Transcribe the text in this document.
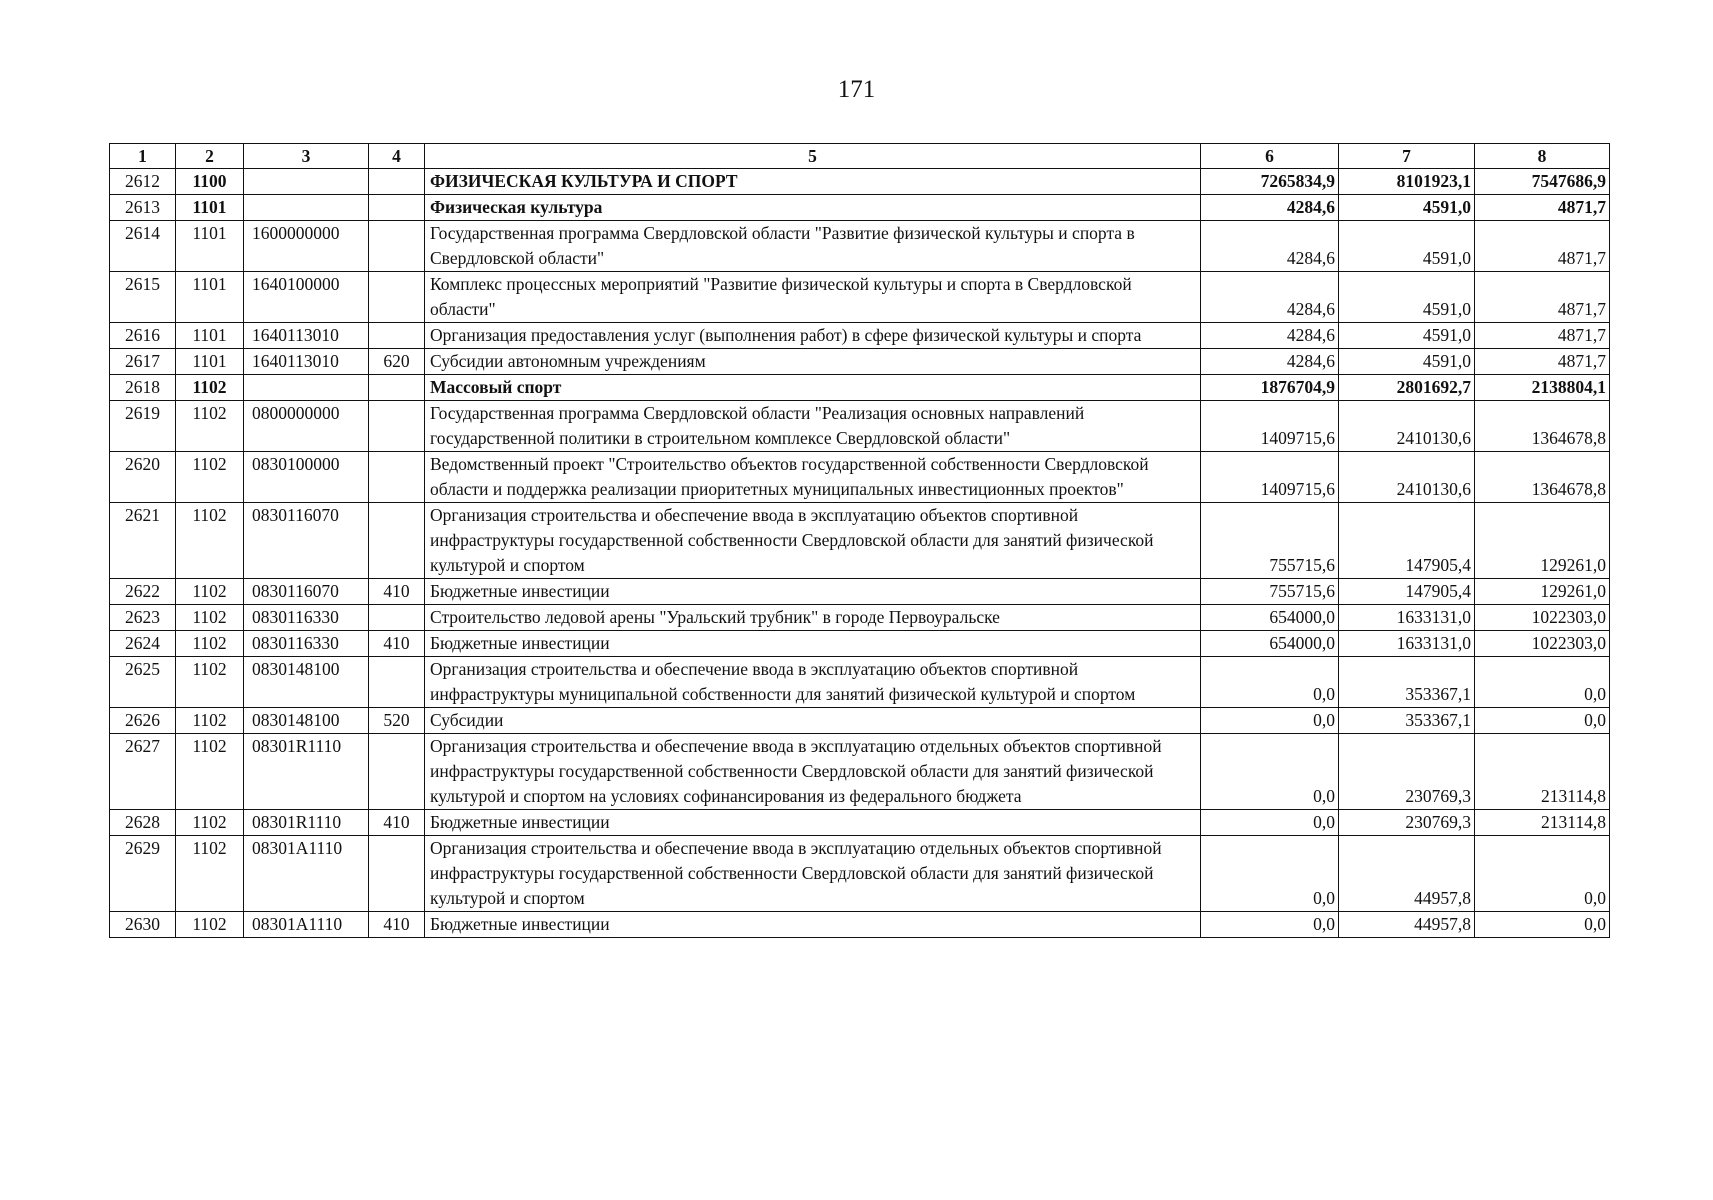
171
1	2	3	4	5	6	7	8
2612	1100			ФИЗИЧЕСКАЯ КУЛЬТУРА И СПОРТ	7265834,9	8101923,1	7547686,9
2613	1101			Физическая культура	4284,6	4591,0	4871,7
2614	1101	1600000000		Государственная программа Свердловской области "Развитие физической культуры и спорта в Свердловской области"	4284,6	4591,0	4871,7
2615	1101	1640100000		Комплекс процессных мероприятий "Развитие физической культуры и спорта в Свердловской области"	4284,6	4591,0	4871,7
2616	1101	1640113010		Организация предоставления услуг (выполнения работ) в сфере физической культуры и спорта	4284,6	4591,0	4871,7
2617	1101	1640113010	620	Субсидии автономным учреждениям	4284,6	4591,0	4871,7
2618	1102			Массовый спорт	1876704,9	2801692,7	2138804,1
2619	1102	0800000000		Государственная программа Свердловской области "Реализация основных направлений государственной политики в строительном комплексе Свердловской области"	1409715,6	2410130,6	1364678,8
2620	1102	0830100000		Ведомственный проект "Строительство объектов государственной собственности Свердловской области и поддержка реализации приоритетных муниципальных инвестиционных проектов"	1409715,6	2410130,6	1364678,8
2621	1102	0830116070		Организация строительства и обеспечение ввода в эксплуатацию объектов спортивной инфраструктуры государственной собственности Свердловской области для занятий физической культурой и спортом	755715,6	147905,4	129261,0
2622	1102	0830116070	410	Бюджетные инвестиции	755715,6	147905,4	129261,0
2623	1102	0830116330		Строительство ледовой арены "Уральский трубник" в городе Первоуральске	654000,0	1633131,0	1022303,0
2624	1102	0830116330	410	Бюджетные инвестиции	654000,0	1633131,0	1022303,0
2625	1102	0830148100		Организация строительства и обеспечение ввода в эксплуатацию объектов спортивной инфраструктуры муниципальной собственности для занятий физической культурой и спортом	0,0	353367,1	0,0
2626	1102	0830148100	520	Субсидии	0,0	353367,1	0,0
2627	1102	08301R1110		Организация строительства и обеспечение ввода в эксплуатацию отдельных объектов спортивной инфраструктуры государственной собственности Свердловской области для занятий физической культурой и спортом на условиях софинансирования из федерального бюджета	0,0	230769,3	213114,8
2628	1102	08301R1110	410	Бюджетные инвестиции	0,0	230769,3	213114,8
2629	1102	08301A1110		Организация строительства и обеспечение ввода в эксплуатацию отдельных объектов спортивной инфраструктуры государственной собственности Свердловской области для занятий физической культурой и спортом	0,0	44957,8	0,0
2630	1102	08301A1110	410	Бюджетные инвестиции	0,0	44957,8	0,0
